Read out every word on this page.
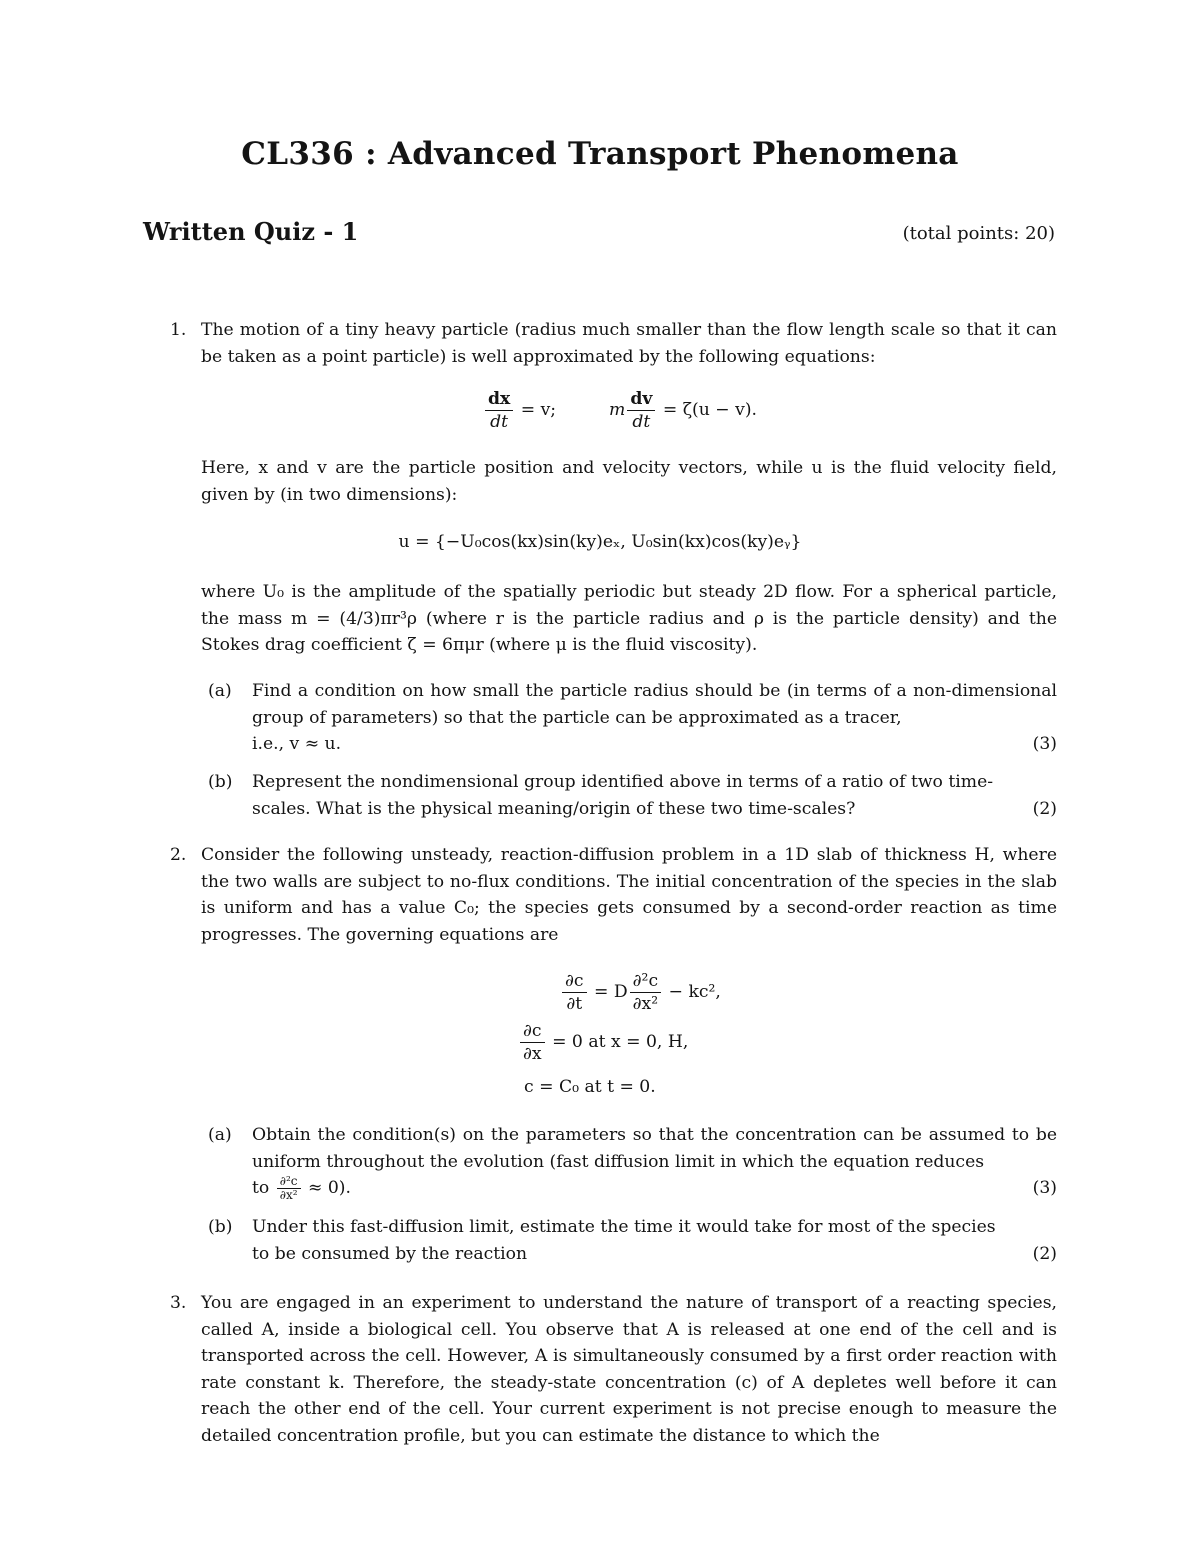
CL336 : Advanced Transport Phenomena
Written Quiz - 1	(total points: 20)
1. The motion of a tiny heavy particle (radius much smaller than the flow length scale so that it can be taken as a point particle) is well approximated by the following equations:

$\frac{dx}{dt} = v$;	m $\frac{dv}{dt} = \zeta(u - v)$.

Here, x and v are the particle position and velocity vectors, while u is the fluid velocity field, given by (in two dimensions):

u = {−U₀cos(kx)sin(ky)eₓ, U₀sin(kx)cos(ky)eᵧ}

where U₀ is the amplitude of the spatially periodic but steady 2D flow. For a spherical particle, the mass m = (4/3)πr³ρ (where r is the particle radius and ρ is the particle density) and the Stokes drag coefficient ζ = 6πμr (where μ is the fluid viscosity).

(a)	Find a condition on how small the particle radius should be (in terms of a non-dimensional group of parameters) so that the particle can be approximated as a tracer,

i.e., v ≈ u.	(3)

(b)	Represent the nondimensional group identified above in terms of a ratio of two time-

scales. What is the physical meaning/origin of these two time-scales?	(2)

2. Consider the following unsteady, reaction-diffusion problem in a 1D slab of thickness H, where the two walls are subject to no-flux conditions. The initial concentration of the species in the slab is uniform and has a value C₀; the species gets consumed by a second-order reaction as time progresses. The governing equations are

$\frac{\partial c}{\partial t} = D \frac{\text{∂²c}}{\text{∂x²}} - kc^2$,
$\frac{\partial c}{\partial x} = 0$ at x = 0, H,
c = C₀ at t = 0.
(a)	Obtain the condition(s) on the parameters so that the concentration can be assumed to be uniform throughout the evolution (fast diffusion limit in which the equation reduces

to $\frac{\text{∂²c}}{\text{∂x²}} \approx 0$).	(3)

(b)	Under this fast-diffusion limit, estimate the time it would take for most of the species

to be consumed by the reaction	(2)

3. You are engaged in an experiment to understand the nature of transport of a reacting species, called A, inside a biological cell. You observe that A is released at one end of the cell and is transported across the cell. However, A is simultaneously consumed by a first order reaction with rate constant k. Therefore, the steady-state concentration (c) of A depletes well before it can reach the other end of the cell. Your current experiment is not precise enough to measure the detailed concentration profile, but you can estimate the distance to which the
